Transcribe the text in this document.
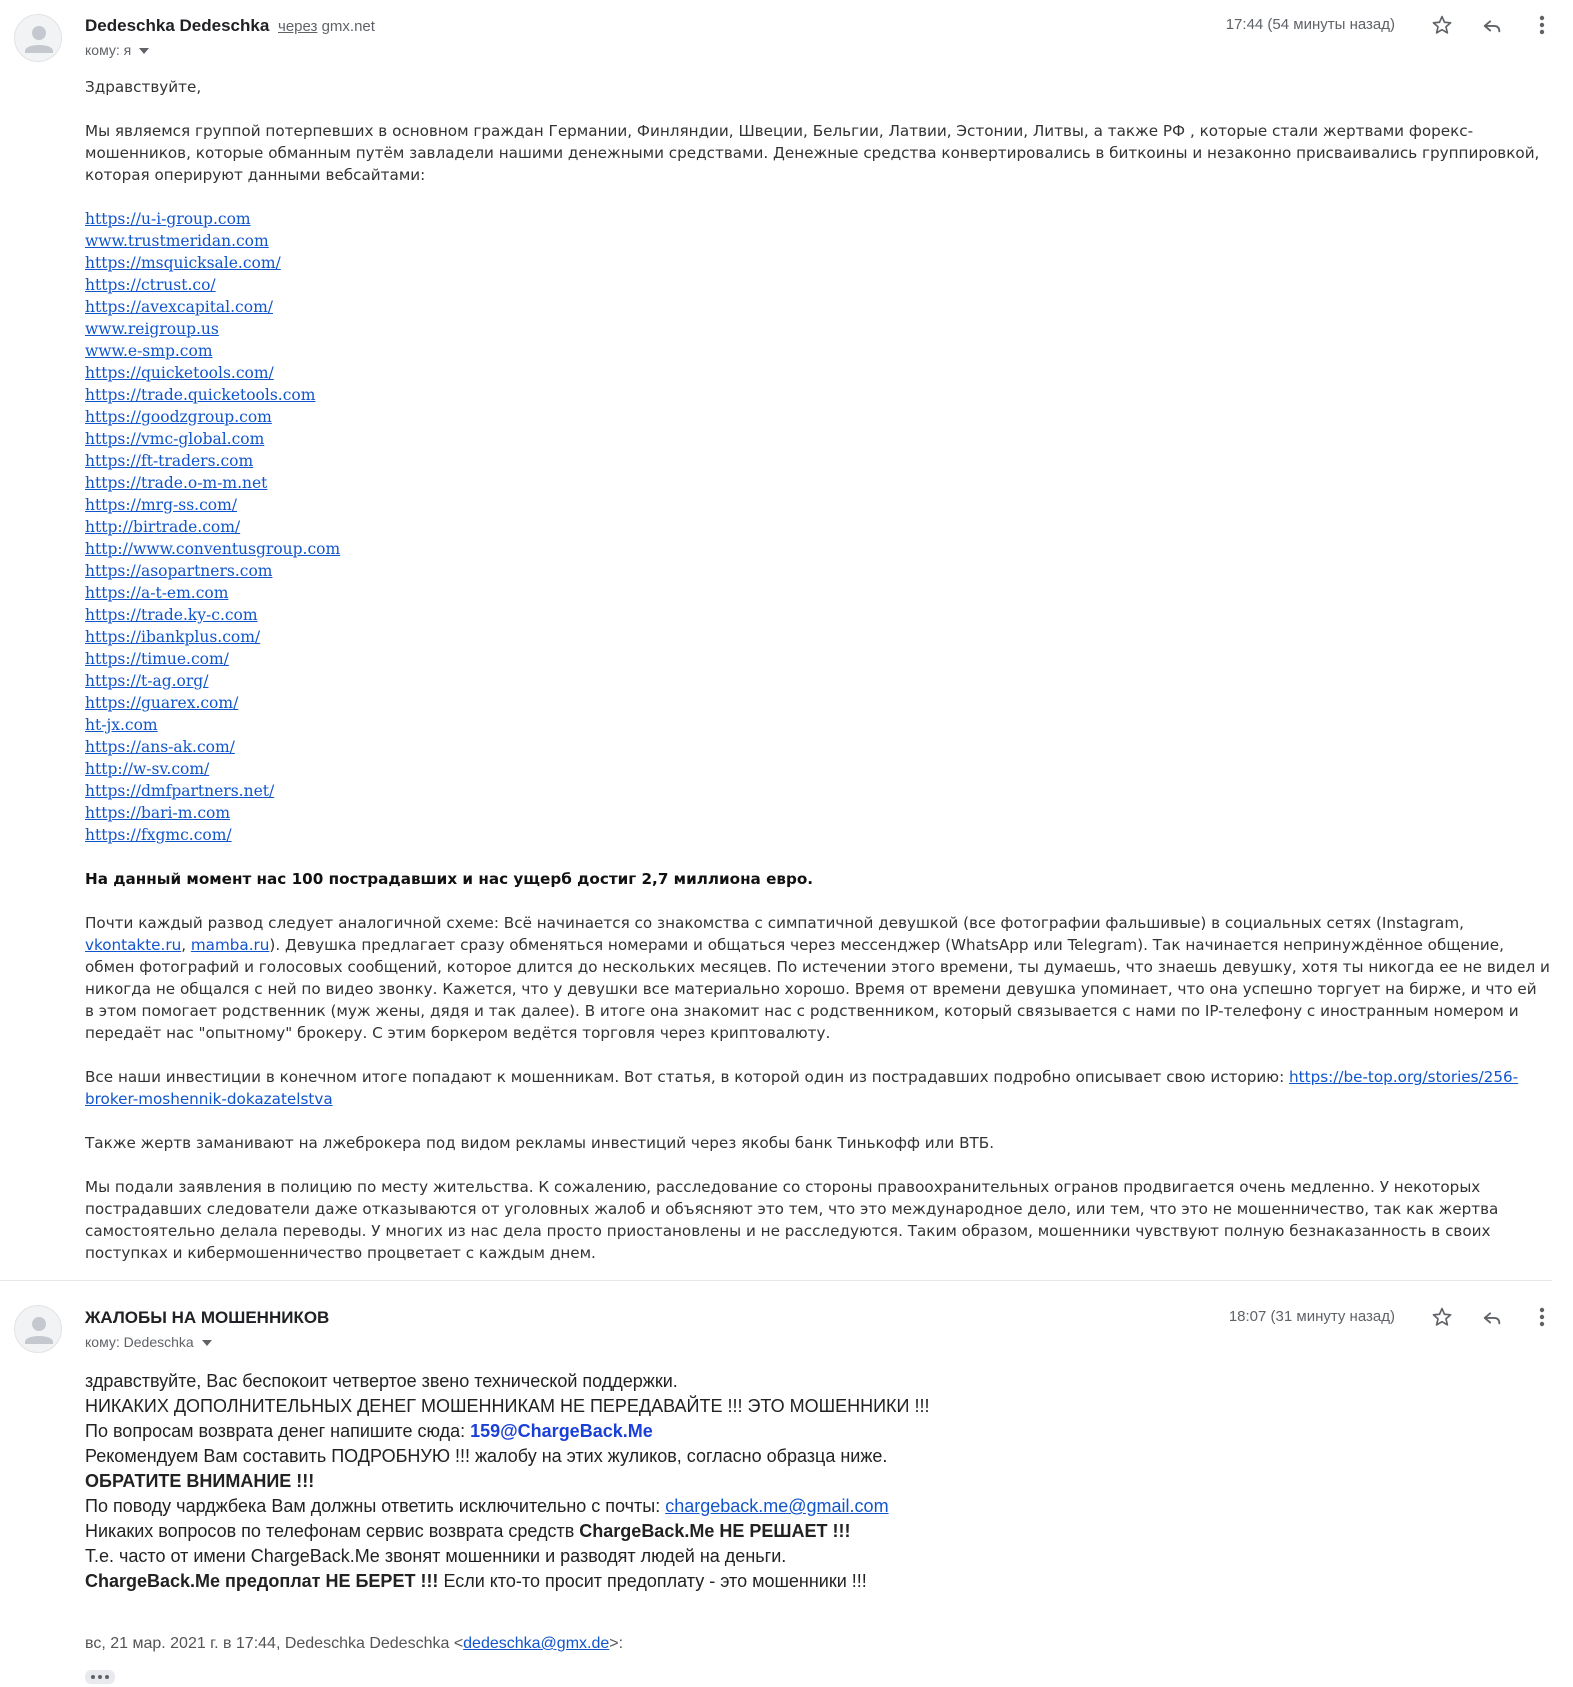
Dedeschka Dedeschka через gmx.net
кому: я
17:44 (54 минуты назад)
Здравствуйте,
Мы являемся группой потерпевших в основном граждан Германии, Финляндии, Швеции, Бельгии, Латвии, Эстонии, Литвы, а также РФ , которые стали жертвами форекс-мошенников, которые обманным путём завладели нашими денежными средствами. Денежные средства конвертировались в биткоины и незаконно присваивались группировкой, которая оперируют данными вебсайтами:
https://u-i-group.com
www.trustmeridan.com
https://msquicksale.com/
https://ctrust.co/
https://avexcapital.com/
www.reigroup.us
www.e-smp.com
https://quicketools.com/
https://trade.quicketools.com
https://goodzgroup.com
https://vmc-global.com
https://ft-traders.com
https://trade.o-m-m.net
https://mrg-ss.com/
http://birtrade.com/
http://www.conventusgroup.com
https://asopartners.com
https://a-t-em.com
https://trade.ky-c.com
https://ibankplus.com/
https://timue.com/
https://t-ag.org/
https://guarex.com/
ht-jx.com
https://ans-ak.com/
http://w-sv.com/
https://dmfpartners.net/
https://bari-m.com
https://fxgmc.com/
На данный момент нас 100 пострадавших и нас ущерб достиг 2,7 миллиона евро.
Почти каждый развод следует аналогичной схеме: Всё начинается со знакомства с симпатичной девушкой (все фотографии фальшивые) в социальных сетях (Instagram, vkontakte.ru, mamba.ru). Девушка предлагает сразу обменяться номерами и общаться через мессенджер (WhatsApp или Telegram). Так начинается непринуждённое общение, обмен фотографий и голосовых сообщений, которое длится до нескольких месяцев. По истечении этого времени, ты думаешь, что знаешь девушку, хотя ты никогда ее не видел и никогда не общался с ней по видео звонку. Кажется, что у девушки все материально хорошо. Время от времени девушка упоминает, что она успешно торгует на бирже, и что ей в этом помогает родственник (муж жены, дядя и так далее). В итоге она знакомит нас с родственником, который связывается с нами по IP-телефону с иностранным номером и передаёт нас "опытному" брокеру. С этим боркером ведётся торговля через криптовалюту.
Все наши инвестиции в конечном итоге попадают к мошенникам. Вот статья, в которой один из пострадавших подробно описывает свою историю: https://be-top.org/stories/256-broker-moshennik-dokazatelstva
Также жертв заманивают на лжеброкера под видом рекламы инвестиций через якобы банк Тинькофф или ВТБ.
Мы подали заявления в полицию по месту жительства. К сожалению, расследование со стороны правоохранительных огранов продвигается очень медленно. У некоторых пострадавших следователи даже отказываются от уголовных жалоб и объясняют это тем, что это международное дело, или тем, что это не мошенничество, так как жертва самостоятельно делала переводы. У многих из нас дела просто приостановлены и не расследуются. Таким образом, мошенники чувствуют полную безнаказанность в своих поступках и кибермошенничество процветает с каждым днем.
ЖАЛОБЫ НА МОШЕННИКОВ
кому: Dedeschka
18:07 (31 минуту назад)
здравствуйте, Вас беспокоит четвертое звено технической поддержки.
НИКАКИХ ДОПОЛНИТЕЛЬНЫХ ДЕНЕГ МОШЕННИКАМ НЕ ПЕРЕДАВАЙТЕ !!! ЭТО МОШЕННИКИ !!!
По вопросам возврата денег напишите сюда: 159@ChargeBack.Me
Рекомендуем Вам составить ПОДРОБНУЮ !!! жалобу на этих жуликов, согласно образца ниже.
ОБРАТИТЕ ВНИМАНИЕ !!!
По поводу чарджбека Вам должны ответить исключительно с почты: chargeback.me@gmail.com
Никаких вопросов по телефонам сервис возврата средств ChargeBack.Me НЕ РЕШАЕТ !!!
Т.е. часто от имени ChargeBack.Me звонят мошенники и разводят людей на деньги.
ChargeBack.Me предоплат НЕ БЕРЕТ !!! Если кто-то просит предоплату - это мошенники !!!
вс, 21 мар. 2021 г. в 17:44, Dedeschka Dedeschka <dedeschka@gmx.de>:
